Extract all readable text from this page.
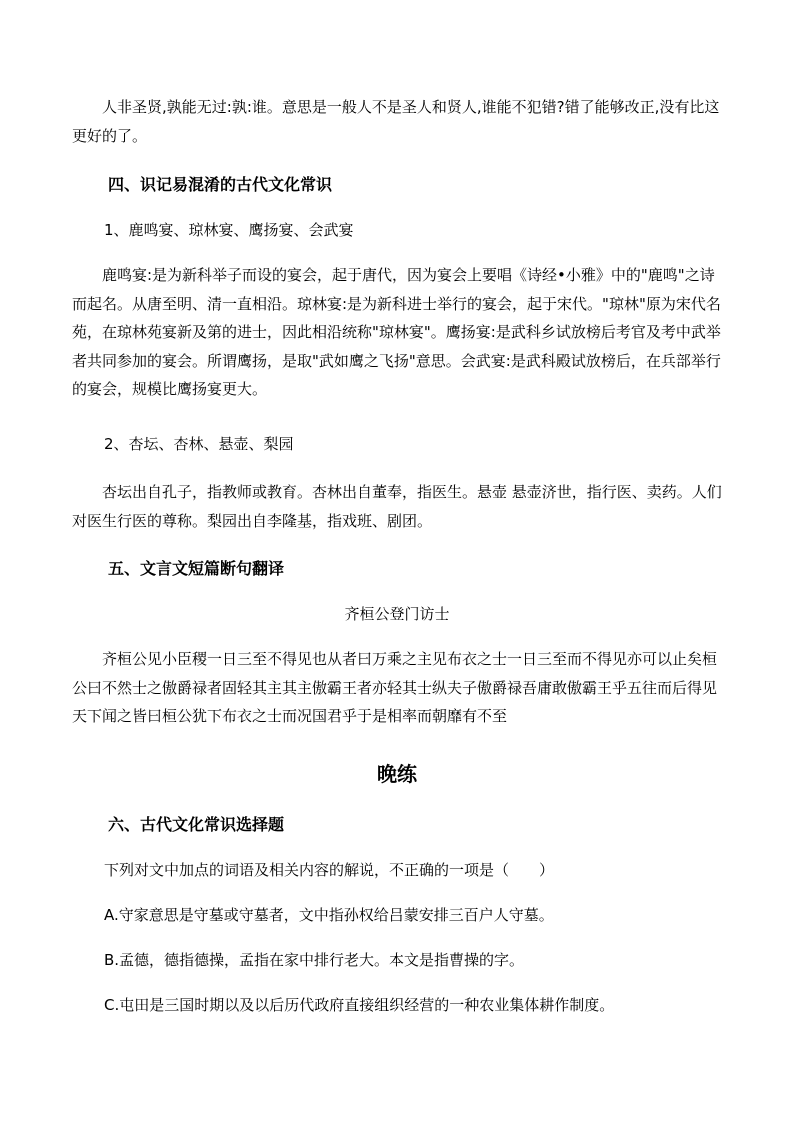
人非圣贤,孰能无过:孰:谁。意思是一般人不是圣人和贤人,谁能不犯错?错了能够改正,没有比这更好的了。
四、识记易混淆的古代文化常识
1、鹿鸣宴、琼林宴、鹰扬宴、会武宴
鹿鸣宴:是为新科举子而设的宴会，起于唐代，因为宴会上要唱《诗经•小雅》中的"鹿鸣"之诗而起名。从唐至明、清一直相沿。琼林宴:是为新科进士举行的宴会，起于宋代。"琼林"原为宋代名苑，在琼林苑宴新及第的进士，因此相沿统称"琼林宴"。鹰扬宴:是武科乡试放榜后考官及考中武举者共同参加的宴会。所谓鹰扬，是取"武如鹰之飞扬"意思。会武宴:是武科殿试放榜后，在兵部举行的宴会，规模比鹰扬宴更大。
2、杏坛、杏林、悬壶、梨园
杏坛出自孔子，指教师或教育。杏林出自董奉，指医生。悬壶 悬壶济世，指行医、卖药。人们对医生行医的尊称。梨园出自李隆基，指戏班、剧团。
五、文言文短篇断句翻译
齐桓公登门访士
齐桓公见小臣稷一日三至不得见也从者曰万乘之主见布衣之士一日三至而不得见亦可以止矣桓公曰不然士之傲爵禄者固轻其主其主傲霸王者亦轻其士纵夫子傲爵禄吾庸敢傲霸王乎五往而后得见天下闻之皆曰桓公犹下布衣之士而况国君乎于是相率而朝靡有不至
晚练
六、古代文化常识选择题
下列对文中加点的词语及相关内容的解说，不正确的一项是（　　）
A.守家意思是守墓或守墓者，文中指孙权给吕蒙安排三百户人守墓。
B.孟德，德指德操，孟指在家中排行老大。本文是指曹操的字。
C.屯田是三国时期以及以后历代政府直接组织经营的一种农业集体耕作制度。
